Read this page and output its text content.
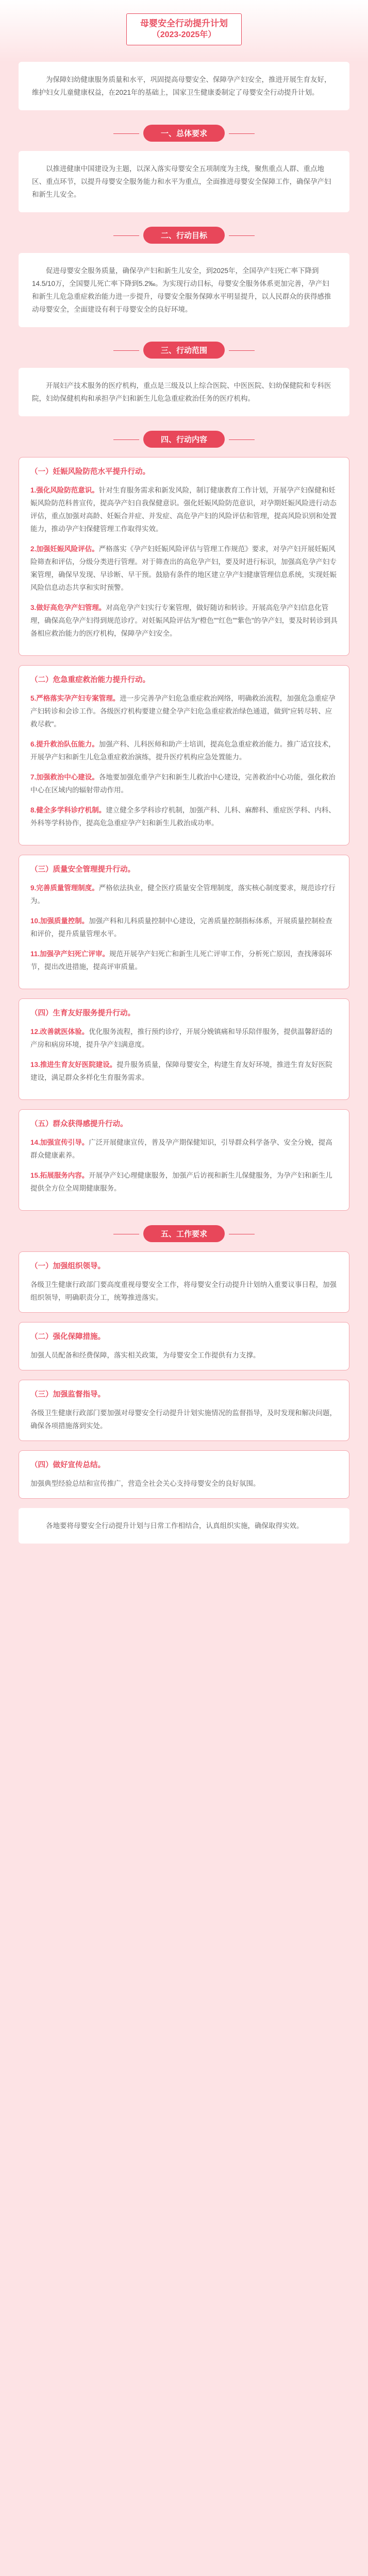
母婴安全行动提升计划
（2023-2025年）

为保障妇幼健康服务质量和水平，巩固提高母婴安全、保障孕产妇安全，推进开展生育友好，维护妇女儿童健康权益，在2021年的基础上，国家卫生健康委制定了母婴安全行动提升计划。

一、总体要求

以推进健康中国建设为主题，以深入落实母婴安全五项制度为主线，聚焦重点人群、重点地区、重点环节，以提升母婴安全服务能力和水平为重点，全面推进母婴安全保障工作，确保孕产妇和新生儿安全。

二、行动目标

促进母婴安全服务质量，确保孕产妇和新生儿安全，到2025年，全国孕产妇死亡率下降到14.5/10万，全国婴儿死亡率下降到5.2‰。为实现行动目标，母婴安全服务体系更加完善，孕产妇和新生儿危急重症救治能力进一步提升，母婴安全服务保障水平明显提升，以人民群众的获得感推动母婴安全，全面建设有利于母婴安全的良好环境。

三、行动范围

开展妇产技术服务的医疗机构，重点是三级及以上综合医院、中医医院、妇幼保健院和专科医院，妇幼保健机构和承担孕产妇和新生儿危急重症救治任务的医疗机构。

四、行动内容
（一）妊娠风险防范水平提升行动。
1.强化风险防范意识。针对生育服务需求和新发风险，制订健康教育工作计划，开展孕产妇保健和妊娠风险防范科普宣传，提高孕产妇自我保健意识。强化妊娠风险防范意识，对孕期妊娠风险进行动态评估，重点加强对高龄、妊娠合并症、并发症、高危孕产妇的风险评估和管理，提高风险识别和处置能力，推动孕产妇保健管理工作取得实效。
2.加强妊娠风险评估。严格落实《孕产妇妊娠风险评估与管理工作规范》要求，对孕产妇开展妊娠风险筛查和评估，分级分类进行管理。对于筛查出的高危孕产妇，要及时进行标识，加强高危孕产妇专案管理，确保早发现、早诊断、早干预。鼓励有条件的地区建立孕产妇健康管理信息系统，实现妊娠风险信息动态共享和实时预警。
3.做好高危孕产妇管理。对高危孕产妇实行专案管理，做好随访和转诊。开展高危孕产妇信息化管理，确保高危孕产妇得到规范诊疗。对妊娠风险评估为"橙色""红色""紫色"的孕产妇，要及时转诊到具备相应救治能力的医疗机构，保障孕产妇安全。
（二）危急重症救治能力提升行动。
5.严格落实孕产妇专案管理。进一步完善孕产妇危急重症救治网络，明确救治流程，加强危急重症孕产妇转诊和会诊工作。各级医疗机构要建立健全孕产妇危急重症救治绿色通道，做到"应转尽转、应救尽救"。
6.提升救治队伍能力。加强产科、儿科医师和助产士培训，提高危急重症救治能力。推广适宜技术，开展孕产妇和新生儿危急重症救治演练，提升医疗机构应急处置能力。
7.加强救治中心建设。各地要加强危重孕产妇和新生儿救治中心建设，完善救治中心功能，强化救治中心在区域内的辐射带动作用。
8.健全多学科诊疗机制。建立健全多学科诊疗机制，加强产科、儿科、麻醉科、重症医学科、内科、外科等学科协作，提高危急重症孕产妇和新生儿救治成功率。
（三）质量安全管理提升行动。
9.完善质量管理制度。严格依法执业，健全医疗质量安全管理制度，落实核心制度要求，规范诊疗行为。
10.加强质量控制。加强产科和儿科质量控制中心建设，完善质量控制指标体系，开展质量控制检查和评价，提升质量管理水平。
11.加强孕产妇死亡评审。规范开展孕产妇死亡和新生儿死亡评审工作，分析死亡原因，查找薄弱环节，提出改进措施，提高评审质量。
（四）生育友好服务提升行动。
12.改善就医体验。优化服务流程，推行预约诊疗，开展分娩镇痛和导乐陪伴服务，提供温馨舒适的产房和病房环境，提升孕产妇满意度。
13.推进生育友好医院建设。提升服务质量，保障母婴安全，构建生育友好环境，推进生育友好医院建设，满足群众多样化生育服务需求。
（五）群众获得感提升行动。
14.加强宣传引导。广泛开展健康宣传，普及孕产期保健知识，引导群众科学备孕、安全分娩，提高群众健康素养。
15.拓展服务内容。开展孕产妇心理健康服务，加强产后访视和新生儿保健服务，为孕产妇和新生儿提供全方位全周期健康服务。
五、工作要求
（一）加强组织领导。
各级卫生健康行政部门要高度重视母婴安全工作，将母婴安全行动提升计划纳入重要议事日程，加强组织领导，明确职责分工，统筹推进落实。
（二）强化保障措施。
加强人员配备和经费保障，落实相关政策，为母婴安全工作提供有力支撑。
（三）加强监督指导。
各级卫生健康行政部门要加强对母婴安全行动提升计划实施情况的监督指导，及时发现和解决问题，确保各项措施落到实处。
（四）做好宣传总结。
加强典型经验总结和宣传推广，营造全社会关心支持母婴安全的良好氛围。

各地要将母婴安全行动提升计划与日常工作相结合，认真组织实施，确保取得实效。
